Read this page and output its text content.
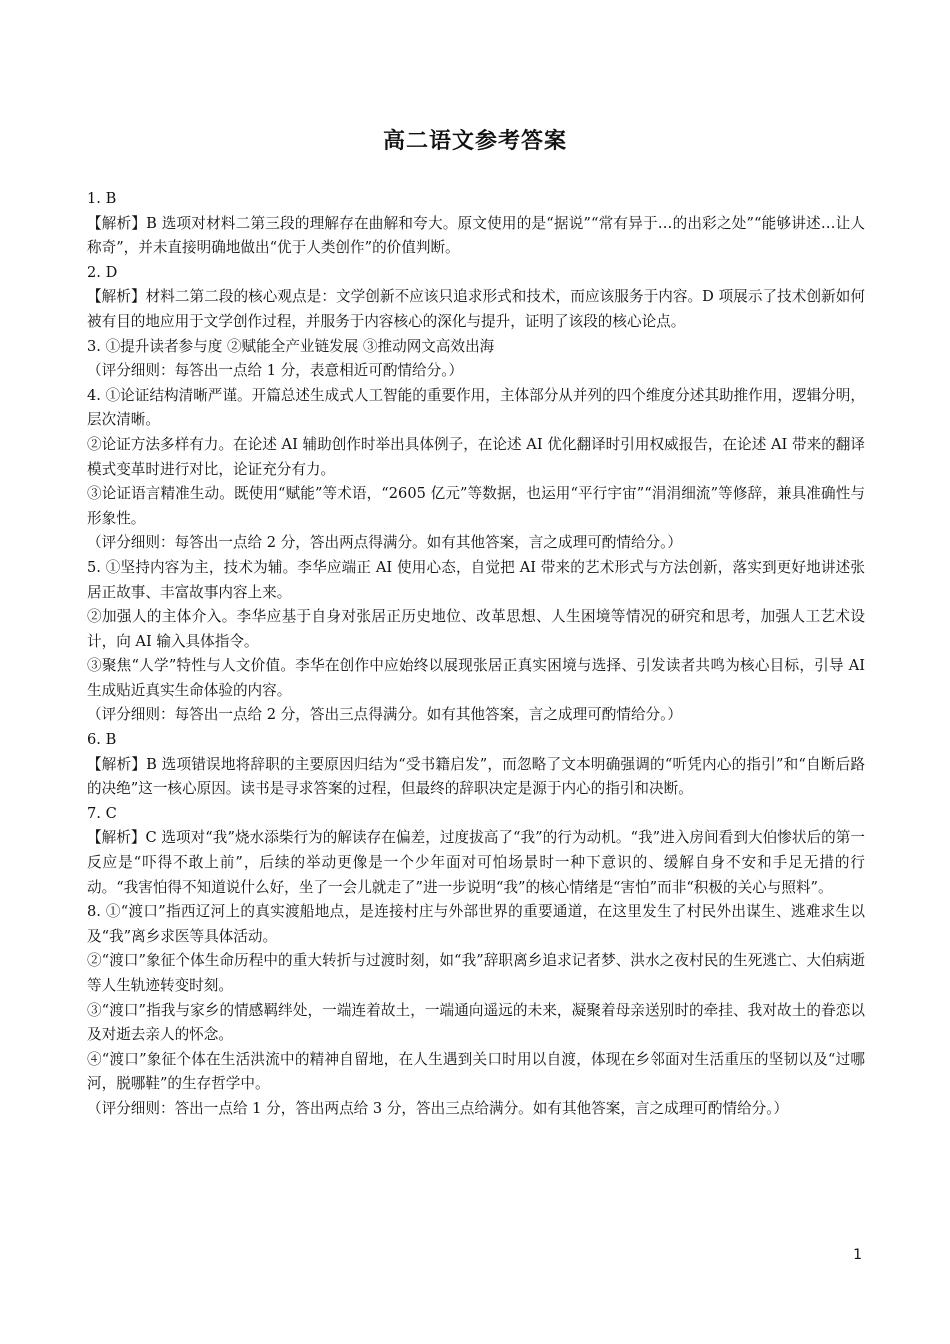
高二语文参考答案

1. B

【解析】B 选项对材料二第三段的理解存在曲解和夸大。原文使用的是“据说”“常有异于…的出彩之处”“能够讲述…让人称奇”，并未直接明确地做出“优于人类创作”的价值判断。

2. D

【解析】材料二第二段的核心观点是：文学创新不应该只追求形式和技术，而应该服务于内容。D 项展示了技术创新如何被有目的地应用于文学创作过程，并服务于内容核心的深化与提升，证明了该段的核心论点。

3. ①提升读者参与度 ②赋能全产业链发展 ③推动网文高效出海

（评分细则：每答出一点给 1 分，表意相近可酌情给分。）

4. ①论证结构清晰严谨。开篇总述生成式人工智能的重要作用，主体部分从并列的四个维度分述其助推作用，逻辑分明，层次清晰。

②论证方法多样有力。在论述 AI 辅助创作时举出具体例子，在论述 AI 优化翻译时引用权威报告，在论述 AI 带来的翻译模式变革时进行对比，论证充分有力。

③论证语言精准生动。既使用“赋能”等术语，“2605 亿元”等数据，也运用“平行宇宙”“涓涓细流”等修辞，兼具准确性与形象性。

（评分细则：每答出一点给 2 分，答出两点得满分。如有其他答案，言之成理可酌情给分。）

5. ①坚持内容为主，技术为辅。李华应端正 AI 使用心态，自觉把 AI 带来的艺术形式与方法创新，落实到更好地讲述张居正故事、丰富故事内容上来。

②加强人的主体介入。李华应基于自身对张居正历史地位、改革思想、人生困境等情况的研究和思考，加强人工艺术设计，向 AI 输入具体指令。

③聚焦“人学”特性与人文价值。李华在创作中应始终以展现张居正真实困境与选择、引发读者共鸣为核心目标，引导 AI 生成贴近真实生命体验的内容。

（评分细则：每答出一点给 2 分，答出三点得满分。如有其他答案，言之成理可酌情给分。）

6. B

【解析】B 选项错误地将辞职的主要原因归结为“受书籍启发”，而忽略了文本明确强调的“听凭内心的指引”和“自断后路的决绝”这一核心原因。读书是寻求答案的过程，但最终的辞职决定是源于内心的指引和决断。

7. C

【解析】C 选项对“我”烧水添柴行为的解读存在偏差，过度拔高了“我”的行为动机。“我”进入房间看到大伯惨状后的第一反应是“吓得不敢上前”，后续的举动更像是一个少年面对可怕场景时一种下意识的、缓解自身不安和手足无措的行动。“我害怕得不知道说什么好，坐了一会儿就走了”进一步说明“我”的核心情绪是“害怕”而非“积极的关心与照料”。

8. ①“渡口”指西辽河上的真实渡船地点，是连接村庄与外部世界的重要通道，在这里发生了村民外出谋生、逃难求生以及“我”离乡求医等具体活动。

②“渡口”象征个体生命历程中的重大转折与过渡时刻，如“我”辞职离乡追求记者梦、洪水之夜村民的生死逃亡、大伯病逝等人生轨迹转变时刻。

③“渡口”指我与家乡的情感羁绊处，一端连着故土，一端通向遥远的未来，凝聚着母亲送别时的牵挂、我对故土的眷恋以及对逝去亲人的怀念。

④“渡口”象征个体在生活洪流中的精神自留地，在人生遇到关口时用以自渡，体现在乡邻面对生活重压的坚韧以及“过哪河，脱哪鞋”的生存哲学中。

（评分细则：答出一点给 1 分，答出两点给 3 分，答出三点给满分。如有其他答案，言之成理可酌情给分。）

1
